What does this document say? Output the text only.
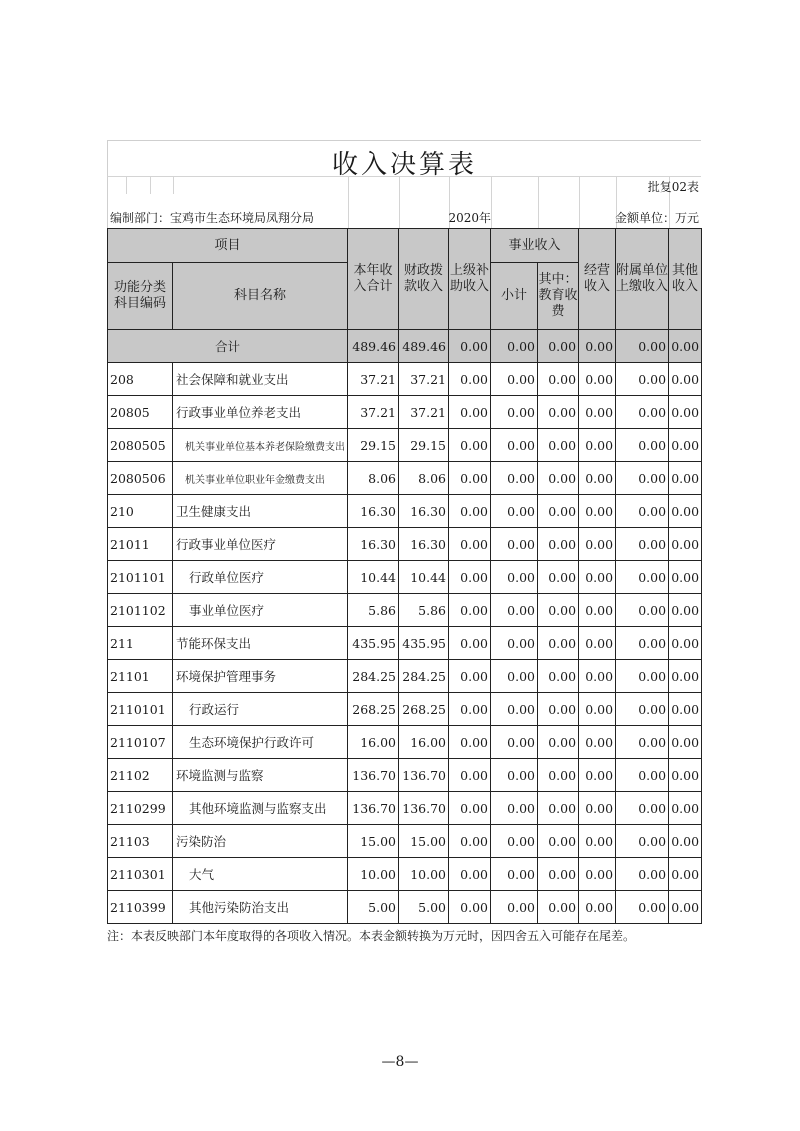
收入决算表
批复02表
编制部门：宝鸡市生态环境局凤翔分局	2020年	金额单位：万元
项目		本年收入合计	财政拨款收入	上级补助收入	事业收入		经营收入	附属单位上缴收入	其他收入
功能分类科目编码	科目名称				小计	其中：教育收费			

合计		489.46	489.46	0.00	0.00	0.00	0.00	0.00	0.00
208	社会保障和就业支出	37.21	37.21	0.00	0.00	0.00	0.00	0.00	0.00
20805	行政事业单位养老支出	37.21	37.21	0.00	0.00	0.00	0.00	0.00	0.00
2080505	机关事业单位基本养老保险缴费支出	29.15	29.15	0.00	0.00	0.00	0.00	0.00	0.00
2080506	机关事业单位职业年金缴费支出	8.06	8.06	0.00	0.00	0.00	0.00	0.00	0.00
210	卫生健康支出	16.30	16.30	0.00	0.00	0.00	0.00	0.00	0.00
21011	行政事业单位医疗	16.30	16.30	0.00	0.00	0.00	0.00	0.00	0.00
2101101	行政单位医疗	10.44	10.44	0.00	0.00	0.00	0.00	0.00	0.00
2101102	事业单位医疗	5.86	5.86	0.00	0.00	0.00	0.00	0.00	0.00
211	节能环保支出	435.95	435.95	0.00	0.00	0.00	0.00	0.00	0.00
21101	环境保护管理事务	284.25	284.25	0.00	0.00	0.00	0.00	0.00	0.00
2110101	行政运行	268.25	268.25	0.00	0.00	0.00	0.00	0.00	0.00
2110107	生态环境保护行政许可	16.00	16.00	0.00	0.00	0.00	0.00	0.00	0.00
21102	环境监测与监察	136.70	136.70	0.00	0.00	0.00	0.00	0.00	0.00
2110299	其他环境监测与监察支出	136.70	136.70	0.00	0.00	0.00	0.00	0.00	0.00
21103	污染防治	15.00	15.00	0.00	0.00	0.00	0.00	0.00	0.00
2110301	大气	10.00	10.00	0.00	0.00	0.00	0.00	0.00	0.00
2110399	其他污染防治支出	5.00	5.00	0.00	0.00	0.00	0.00	0.00	0.00
注：本表反映部门本年度取得的各项收入情况。本表金额转换为万元时，因四舍五入可能存在尾差。
—8—
